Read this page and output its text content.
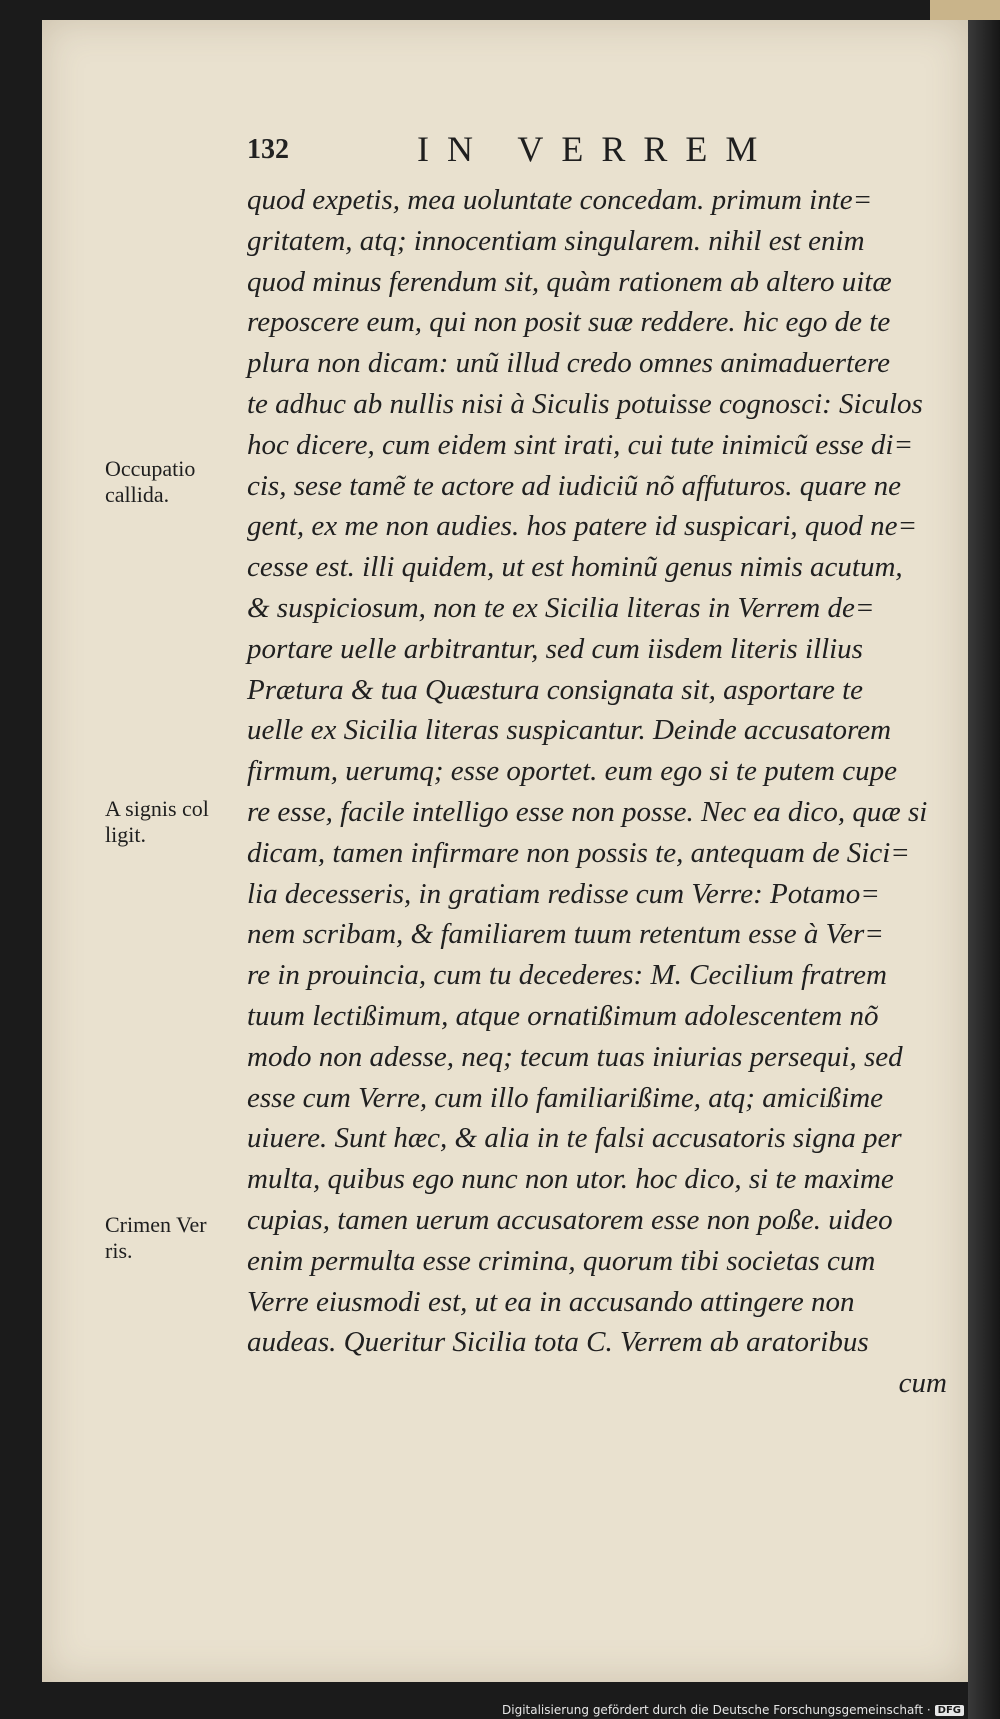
132	IN VERREM
Occupatio
callida.
A signis col
ligit.
Crimen Ver
ris.
quod expetis, mea uoluntate concedam. primum inte=
gritatem, atq; innocentiam singularem. nihil est enim
quod minus ferendum sit, quàm rationem ab altero uitæ
reposcere eum, qui non posit suæ reddere. hic ego de te
plura non dicam: unũ illud credo omnes animaduertere
te adhuc ab nullis nisi à Siculis potuisse cognosci: Siculos
hoc dicere, cum eidem sint irati, cui tute inimicũ esse di=
cis, sese tamẽ te actore ad iudiciũ nõ affuturos. quare ne
gent, ex me non audies. hos patere id suspicari, quod ne=
cesse est. illi quidem, ut est hominũ genus nimis acutum,
& suspiciosum, non te ex Sicilia literas in Verrem de=
portare uelle arbitrantur, sed cum iisdem literis illius
Prætura & tua Quæstura consignata sit, asportare te
uelle ex Sicilia literas suspicantur. Deinde accusatorem
firmum, uerumq; esse oportet. eum ego si te putem cupe
re esse, facile intelligo esse non posse. Nec ea dico, quæ si
dicam, tamen infirmare non possis te, antequam de Sici=
lia decesseris, in gratiam redisse cum Verre: Potamo=
nem scribam, & familiarem tuum retentum esse à Ver=
re in prouincia, cum tu decederes: M. Cecilium fratrem
tuum lectißimum, atque ornatißimum adolescentem nõ
modo non adesse, neq; tecum tuas iniurias persequi, sed
esse cum Verre, cum illo familiarißime, atq; amicißime
uiuere. Sunt hæc, & alia in te falsi accusatoris signa per
multa, quibus ego nunc non utor. hoc dico, si te maxime
cupias, tamen uerum accusatorem esse non poße. uideo
enim permulta esse crimina, quorum tibi societas cum
Verre eiusmodi est, ut ea in accusando attingere non
audeas. Queritur Sicilia tota C. Verrem ab aratoribus
cum
Digitalisierung gefördert durch die Deutsche Forschungsgemeinschaft · DFG
